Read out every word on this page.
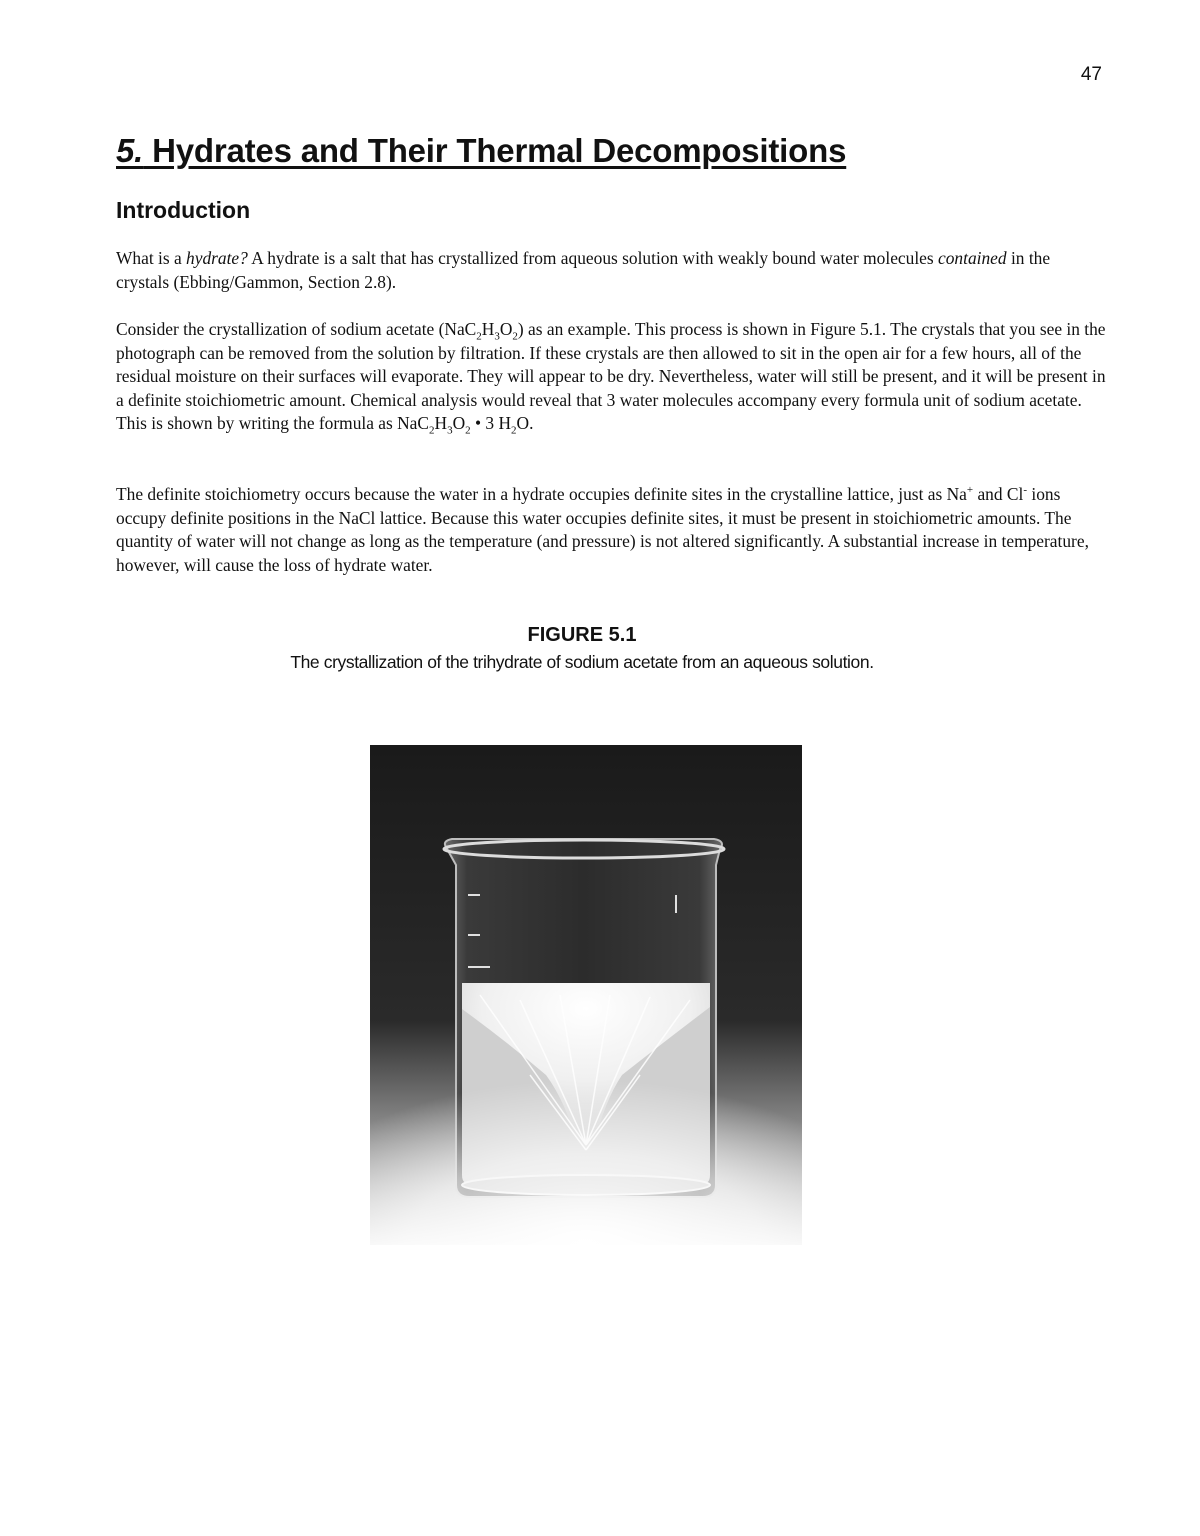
47
5. Hydrates and Their Thermal Decompositions
Introduction

What is a hydrate? A hydrate is a salt that has crystallized from aqueous solution with weakly bound water molecules contained in the crystals (Ebbing/Gammon, Section 2.8).

Consider the crystallization of sodium acetate $(NaC_2H_3O_2)$ as an example. This process is shown in Figure 5.1. The crystals that you see in the photograph can be removed from the solution by filtration. If these crystals are then allowed to sit in the open air for a few hours, all of the residual moisture on their surfaces will evaporate. They will appear to be dry. Nevertheless, water will still be present, and it will be present in a definite stoichiometric amount. Chemical analysis would reveal that 3 water molecules accompany every formula unit of sodium acetate. This is shown by writing the formula as $NaC_2H_3O_2$ • 3 $H_2O$.

The definite stoichiometry occurs because the water in a hydrate occupies definite sites in the crystalline lattice, just as Na+ and Cl- ions occupy definite positions in the NaCl lattice. Because this water occupies definite sites, it must be present in stoichiometric amounts. The quantity of water will not change as long as the temperature (and pressure) is not altered significantly. A substantial increase in temperature, however, will cause the loss of hydrate water.

FIGURE 5.1
The crystallization of the trihydrate of sodium acetate from an aqueous solution.
